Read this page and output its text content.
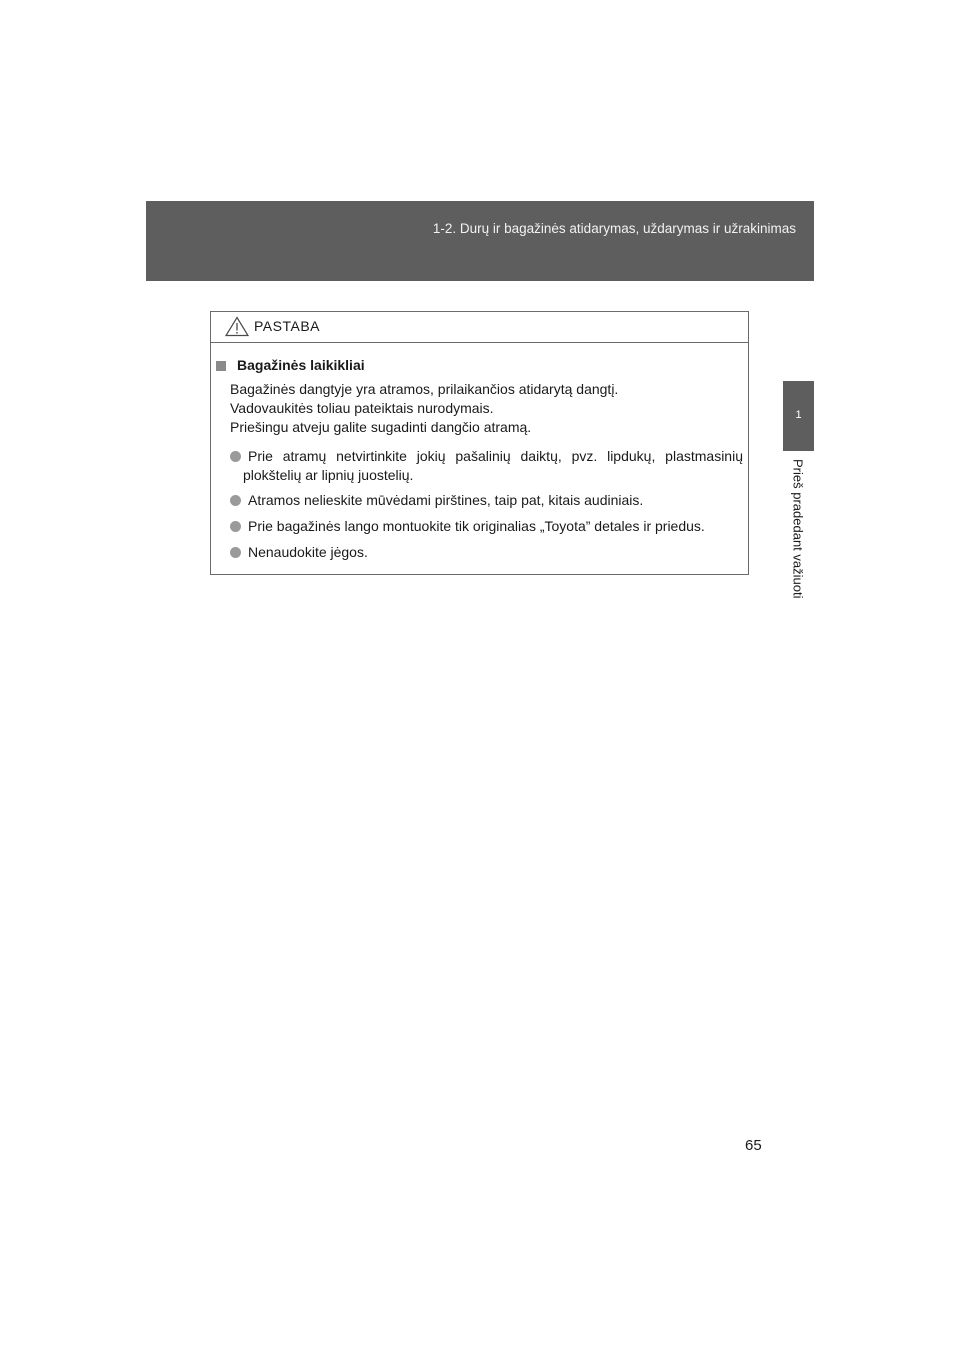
1-2. Durų ir bagažinės atidarymas, uždarymas ir užrakinimas
1
Prieš pradedant važiuoti
PASTABA
Bagažinės laikikliai
Bagažinės dangtyje yra atramos, prilaikančios atidarytą dangtį.
Vadovaukitės toliau pateiktais nurodymais.
Priešingu atveju galite sugadinti dangčio atramą.
Prie atramų netvirtinkite jokių pašalinių daiktų, pvz. lipdukų, plastmasinių
plokštelių ar lipnių juostelių.
Atramos nelieskite mūvėdami pirštines, taip pat, kitais audiniais.
Prie bagažinės lango montuokite tik originalias „Toyota” detales ir priedus.
Nenaudokite jėgos.
65
